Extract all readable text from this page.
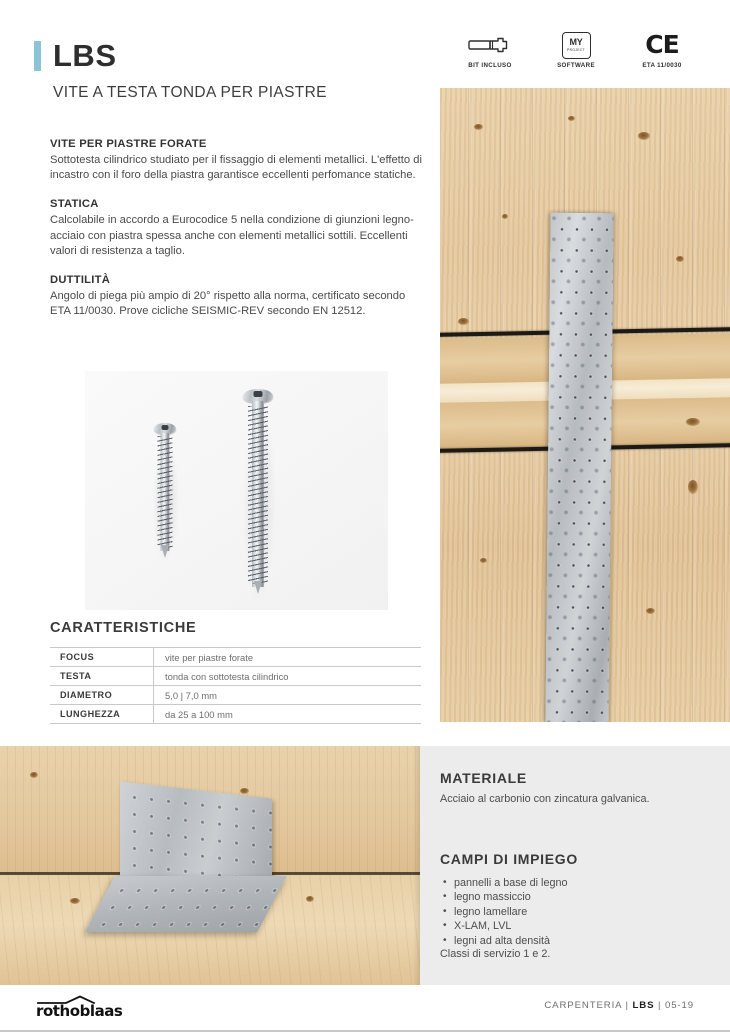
LBS
VITE A TESTA TONDA PER PIASTRE
BIT INCLUSO
MY
PROJECT
SOFTWARE
CE
ETA 11/0030
VITE PER PIASTRE FORATE

Sottotesta cilindrico studiato per il fissaggio di elementi metallici. L'effetto di incastro con il foro della piastra garantisce eccellenti perfomance statiche.

STATICA

Calcolabile in accordo a Eurocodice 5 nella condizione di giunzioni legno-acciaio con piastra spessa anche con elementi metallici sottili. Eccellenti valori di resistenza a taglio.

DUTTILITÀ

Angolo di piega più ampio di 20° rispetto alla norma, certificato secondo ETA 11/0030. Prove cicliche SEISMIC-REV secondo EN 12512.

CARATTERISTICHE
FOCUS	vite per piastre forate
TESTA	tonda con sottotesta cilindrico
DIAMETRO	5,0 | 7,0 mm
LUNGHEZZA	da 25 a 100 mm
MATERIALE
Acciaio al carbonio con zincatura galvanica.
CAMPI DI IMPIEGO
• pannelli a base di legno
• legno massiccio
• legno lamellare
• X-LAM, LVL
• legni ad alta densità
Classi di servizio 1 e 2.
rothoblaas	CARPENTERIA | LBS | 05-19
